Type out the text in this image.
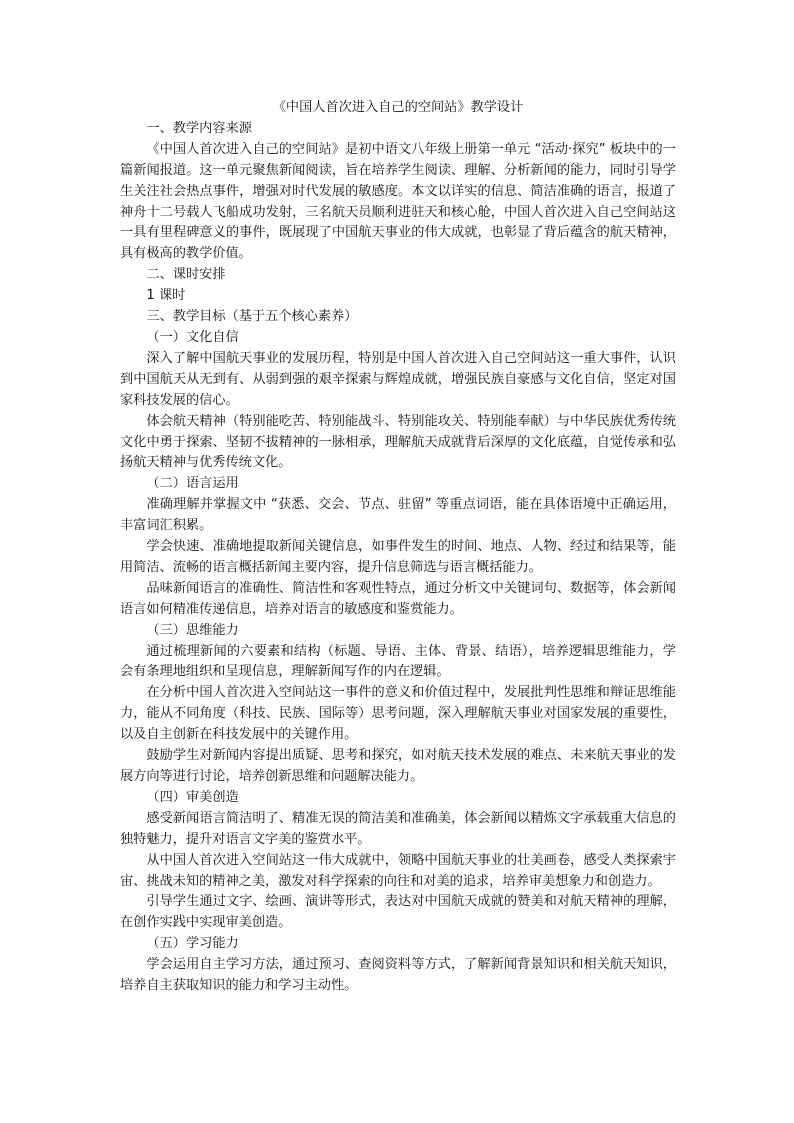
《中国人首次进入自己的空间站》教学设计

一、教学内容来源

《中国人首次进入自己的空间站》是初中语文八年级上册第一单元 “活动·探究” 板块中的一篇新闻报道。这一单元聚焦新闻阅读，旨在培养学生阅读、理解、分析新闻的能力，同时引导学生关注社会热点事件，增强对时代发展的敏感度。本文以详实的信息、简洁准确的语言，报道了神舟十二号载人飞船成功发射，三名航天员顺利进驻天和核心舱，中国人首次进入自己空间站这一具有里程碑意义的事件，既展现了中国航天事业的伟大成就，也彰显了背后蕴含的航天精神，具有极高的教学价值。

二、课时安排

1 课时

三、教学目标（基于五个核心素养）

（一）文化自信

深入了解中国航天事业的发展历程，特别是中国人首次进入自己空间站这一重大事件，认识到中国航天从无到有、从弱到强的艰辛探索与辉煌成就，增强民族自豪感与文化自信，坚定对国家科技发展的信心。

体会航天精神（特别能吃苦、特别能战斗、特别能攻关、特别能奉献）与中华民族优秀传统文化中勇于探索、坚韧不拔精神的一脉相承，理解航天成就背后深厚的文化底蕴，自觉传承和弘扬航天精神与优秀传统文化。

（二）语言运用

准确理解并掌握文中 “获悉、交会、节点、驻留” 等重点词语，能在具体语境中正确运用，丰富词汇积累。

学会快速、准确地提取新闻关键信息，如事件发生的时间、地点、人物、经过和结果等，能用简洁、流畅的语言概括新闻主要内容，提升信息筛选与语言概括能力。

品味新闻语言的准确性、简洁性和客观性特点，通过分析文中关键词句、数据等，体会新闻语言如何精准传递信息，培养对语言的敏感度和鉴赏能力。

（三）思维能力

通过梳理新闻的六要素和结构（标题、导语、主体、背景、结语），培养逻辑思维能力，学会有条理地组织和呈现信息，理解新闻写作的内在逻辑。

在分析中国人首次进入空间站这一事件的意义和价值过程中，发展批判性思维和辩证思维能力，能从不同角度（科技、民族、国际等）思考问题，深入理解航天事业对国家发展的重要性，以及自主创新在科技发展中的关键作用。

鼓励学生对新闻内容提出质疑、思考和探究，如对航天技术发展的难点、未来航天事业的发展方向等进行讨论，培养创新思维和问题解决能力。

（四）审美创造

感受新闻语言简洁明了、精准无误的简洁美和准确美，体会新闻以精炼文字承载重大信息的独特魅力，提升对语言文字美的鉴赏水平。

从中国人首次进入空间站这一伟大成就中，领略中国航天事业的壮美画卷，感受人类探索宇宙、挑战未知的精神之美，激发对科学探索的向往和对美的追求，培养审美想象力和创造力。

引导学生通过文字、绘画、演讲等形式，表达对中国航天成就的赞美和对航天精神的理解，在创作实践中实现审美创造。

（五）学习能力

学会运用自主学习方法，通过预习、查阅资料等方式，了解新闻背景知识和相关航天知识，培养自主获取知识的能力和学习主动性。
